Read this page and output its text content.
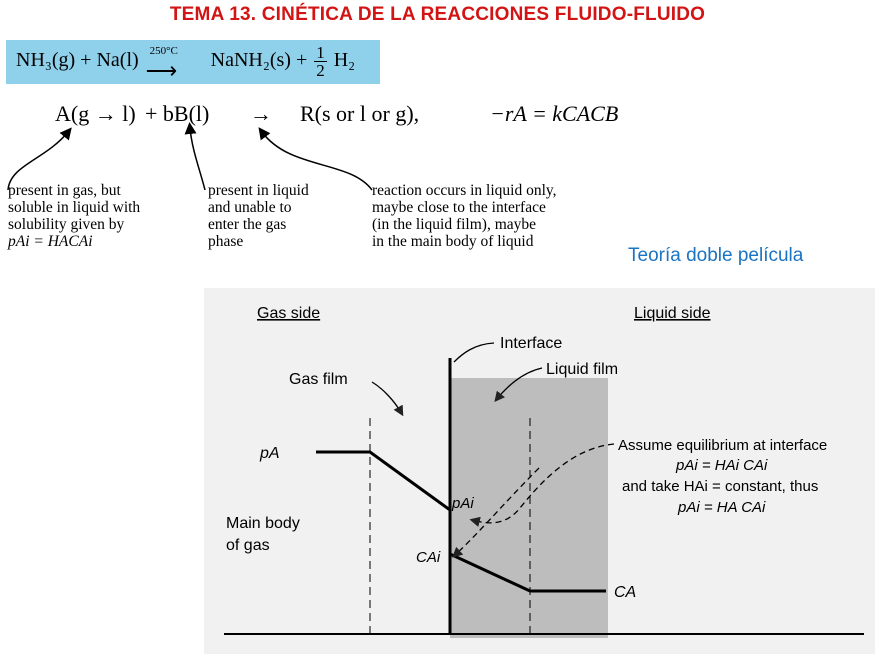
TEMA 13. CINÉTICA DE LA REACCIONES FLUIDO-FLUIDO
NH₃(g) + Na(l) 250°C
⟶ NaNH₂(s) + $\frac{1}{2} H_2$
A(g → l) + bB(l) → R(s or l or g),	−rA = kCACB
present in gas, but
soluble in liquid with
solubility given by
pAi = HACAi
present in liquid
and unable to
enter the gas
phase
reaction occurs in liquid only,
maybe close to the interface
(in the liquid film), maybe
in the main body of liquid
Teoría doble película
Gas side	Liquid side
Interface
Liquid film
Gas film
pA
pAi
CAi
CA
Main body
of gas
Assume equilibrium at interface
pAi = HAi CAi
and take HAi = constant, thus
pAi = HA CAi
